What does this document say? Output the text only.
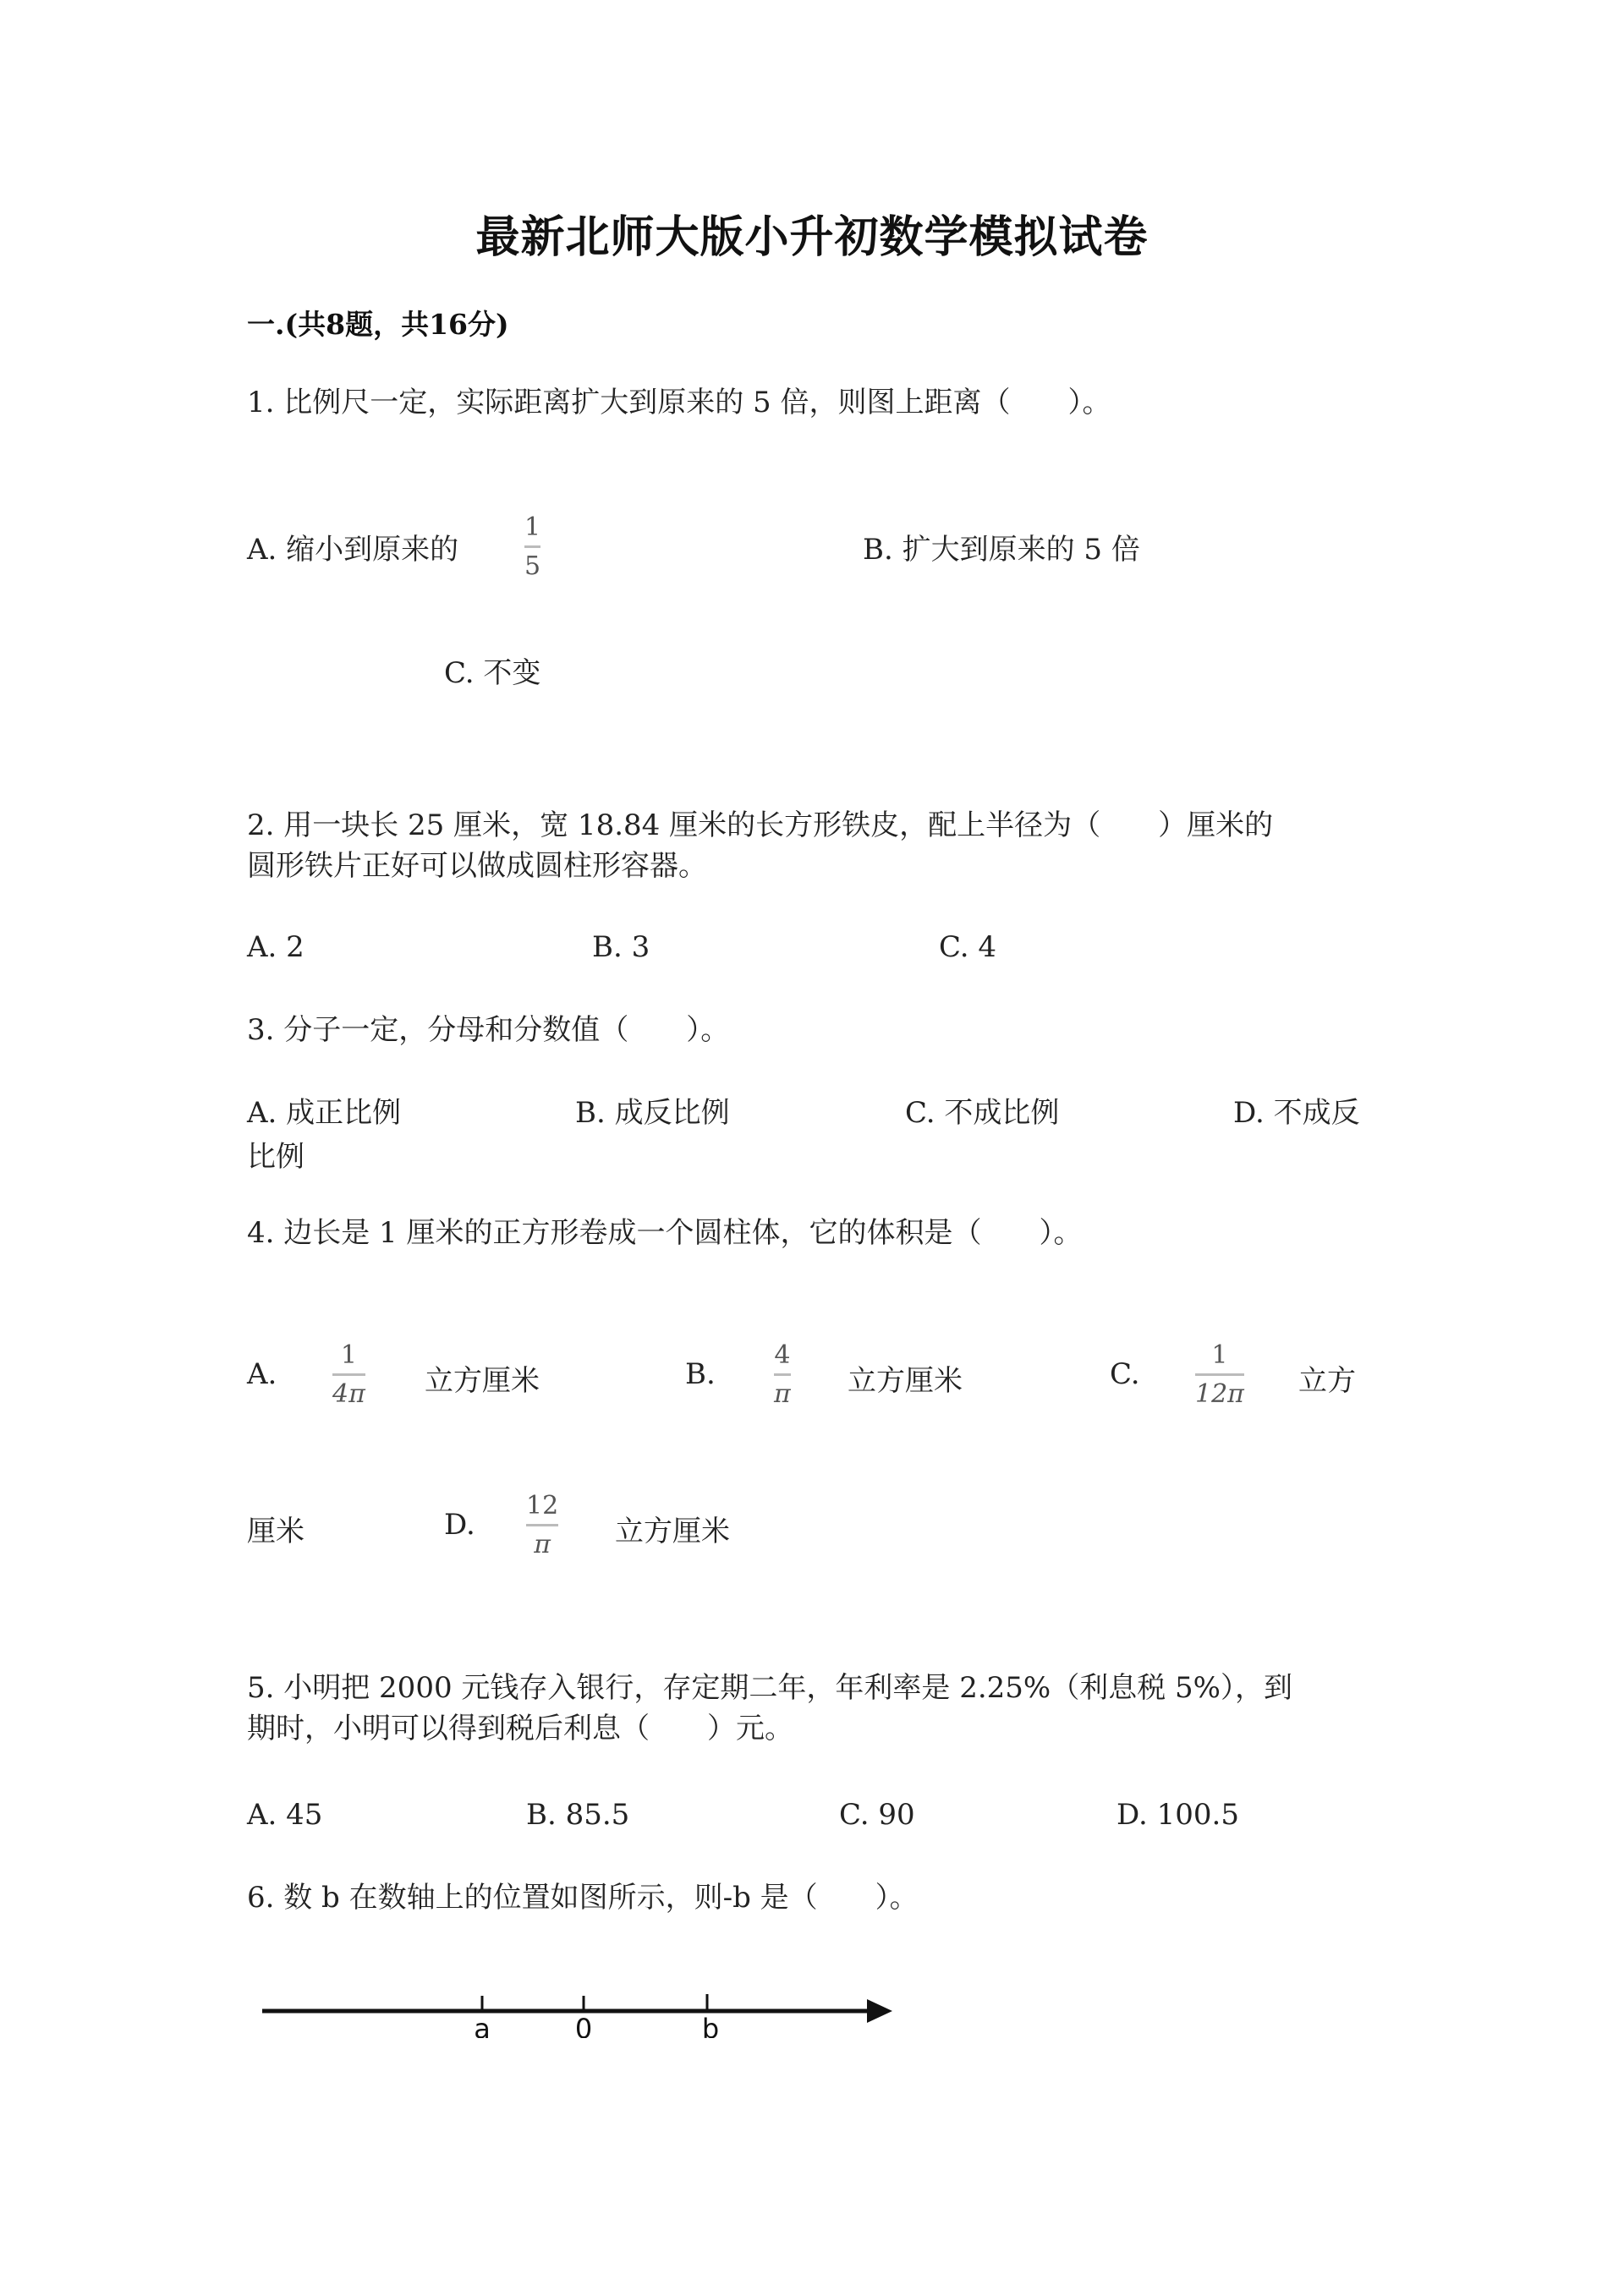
最新北师大版小升初数学模拟试卷
一.(共8题，共16分)
1. 比例尺一定，实际距离扩大到原来的 5 倍，则图上距离（　　）。
A. 缩小到原来的
1
5	B. 扩大到原来的 5 倍
C. 不变
2. 用一块长 25 厘米，宽 18.84 厘米的长方形铁皮，配上半径为（　　）厘米的
圆形铁片正好可以做成圆柱形容器。
A. 2	B. 3	C. 4
3. 分子一定，分母和分数值（　　）。
A. 成正比例	B. 成反比例	C. 不成比例	D. 不成反
比例
4. 边长是 1 厘米的正方形卷成一个圆柱体，它的体积是（　　）。
A.
1
4π 立方厘米	B.
4
π 立方厘米	C.
1
12π 立方
厘米	D.
12
π 立方厘米
5. 小明把 2000 元钱存入银行，存定期二年，年利率是 2.25%（利息税 5%），到
期时，小明可以得到税后利息（　　）元。
A. 45	B. 85.5	C. 90	D. 100.5
6. 数 b 在数轴上的位置如图所示，则-b 是（　　）。
a	0	b
